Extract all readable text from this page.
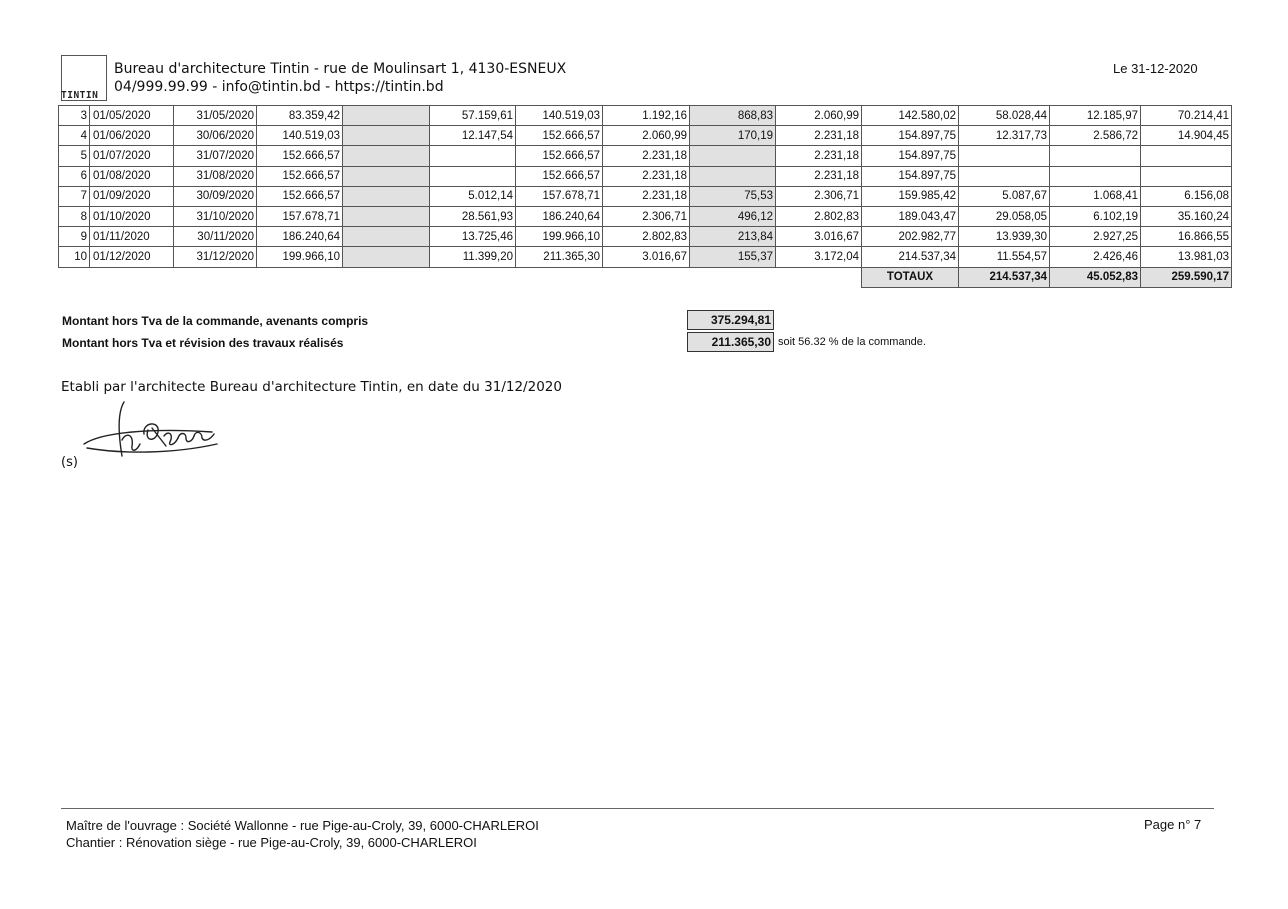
TINTIN
Bureau d'architecture Tintin - rue de Moulinsart 1, 4130-ESNEUX
04/999.99.99 - info@tintin.bd - https://tintin.bd
Le 31-12-2020
3	01/05/2020	31/05/2020	83.359,42		57.159,61	140.519,03	1.192,16	868,83	2.060,99	142.580,02	58.028,44	12.185,97	70.214,41
4	01/06/2020	30/06/2020	140.519,03		12.147,54	152.666,57	2.060,99	170,19	2.231,18	154.897,75	12.317,73	2.586,72	14.904,45
5	01/07/2020	31/07/2020	152.666,57			152.666,57	2.231,18		2.231,18	154.897,75			
6	01/08/2020	31/08/2020	152.666,57			152.666,57	2.231,18		2.231,18	154.897,75			
7	01/09/2020	30/09/2020	152.666,57		5.012,14	157.678,71	2.231,18	75,53	2.306,71	159.985,42	5.087,67	1.068,41	6.156,08
8	01/10/2020	31/10/2020	157.678,71		28.561,93	186.240,64	2.306,71	496,12	2.802,83	189.043,47	29.058,05	6.102,19	35.160,24
9	01/11/2020	30/11/2020	186.240,64		13.725,46	199.966,10	2.802,83	213,84	3.016,67	202.982,77	13.939,30	2.927,25	16.866,55
10	01/12/2020	31/12/2020	199.966,10		11.399,20	211.365,30	3.016,67	155,37	3.172,04	214.537,34	11.554,57	2.426,46	13.981,03
										TOTAUX	214.537,34	45.052,83	259.590,17
Montant hors Tva de la commande, avenants compris	375.294,81
Montant hors Tva et révision des travaux réalisés	211.365,30 soit 56.32 % de la commande.
Etabli par l'architecte Bureau d'architecture Tintin, en date du 31/12/2020
(s)
Maître de l'ouvrage : Société Wallonne - rue Pige-au-Croly, 39, 6000-CHARLEROI
Chantier : Rénovation siège - rue Pige-au-Croly, 39, 6000-CHARLEROI
Page n° 7
